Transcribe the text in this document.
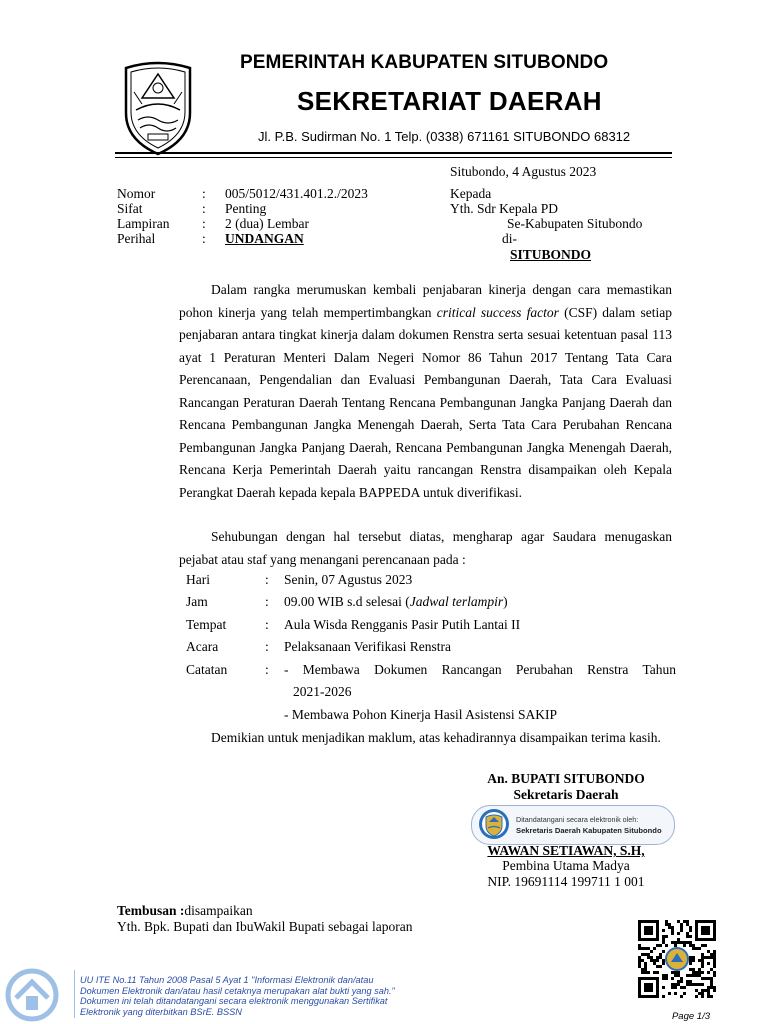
PEMERINTAH KABUPATEN SITUBONDO
SEKRETARIAT DAERAH
Jl. P.B. Sudirman No. 1 Telp. (0338) 671161 SITUBONDO 68312
Situbondo, 4 Agustus 2023
Nomor	: 005/5012/431.401.2./2023
Sifat	: Penting
Lampiran : 2 (dua) Lembar
Perihal	: UNDANGAN
Kepada
Yth. Sdr Kepala PD
Se-Kabupaten Situbondo
di-
SITUBONDO

Dalam rangka merumuskan kembali penjabaran kinerja dengan cara memastikan pohon kinerja yang telah mempertimbangkan critical success factor (CSF) dalam setiap penjabaran antara tingkat kinerja dalam dokumen Renstra serta sesuai ketentuan pasal 113 ayat 1 Peraturan Menteri Dalam Negeri Nomor 86 Tahun 2017 Tentang Tata Cara Perencanaan, Pengendalian dan Evaluasi Pembangunan Daerah, Tata Cara Evaluasi Rancangan Peraturan Daerah Tentang Rencana Pembangunan Jangka Panjang Daerah dan Rencana Pembangunan Jangka Menengah Daerah, Serta Tata Cara Perubahan Rencana Pembangunan Jangka Panjang Daerah, Rencana Pembangunan Jangka Menengah Daerah, Rencana Kerja Pemerintah Daerah yaitu rancangan Renstra disampaikan oleh Kepala Perangkat Daerah kepada kepala BAPPEDA untuk diverifikasi.

Sehubungan dengan hal tersebut diatas, mengharap agar Saudara menugaskan pejabat atau staf yang menangani perencanaan pada :

Hari	: Senin, 07 Agustus 2023
Jam	: 09.00 WIB s.d selesai (Jadwal terlampir)
Tempat	: Aula Wisda Rengganis Pasir Putih Lantai II
Acara	: Pelaksanaan Verifikasi Renstra
Catatan	: - Membawa Dokumen Rancangan Perubahan Renstra Tahun
2021-2026
- Membawa Pohon Kinerja Hasil Asistensi SAKIP

Demikian untuk menjadikan maklum, atas kehadirannya disampaikan terima kasih.

An. BUPATI SITUBONDO
Sekretaris Daerah
Ditandatangani secara elektronik oleh:
Sekretaris Daerah Kabupaten Situbondo
WAWAN SETIAWAN, S.H,
Pembina Utama Madya
NIP. 19691114 199711 1 001
Tembusan :disampaikan
Yth. Bpk. Bupati dan IbuWakil Bupati sebagai laporan
UU ITE No.11 Tahun 2008 Pasal 5 Ayat 1 "Informasi Elektronik dan/atau Dokumen Elektronik dan/atau hasil cetaknya merupakan alat bukti yang sah." Dokumen ini telah ditandatangani secara elektronik menggunakan Sertifikat Elektronik yang diterbitkan BSrE. BSSN	Page 1/3
